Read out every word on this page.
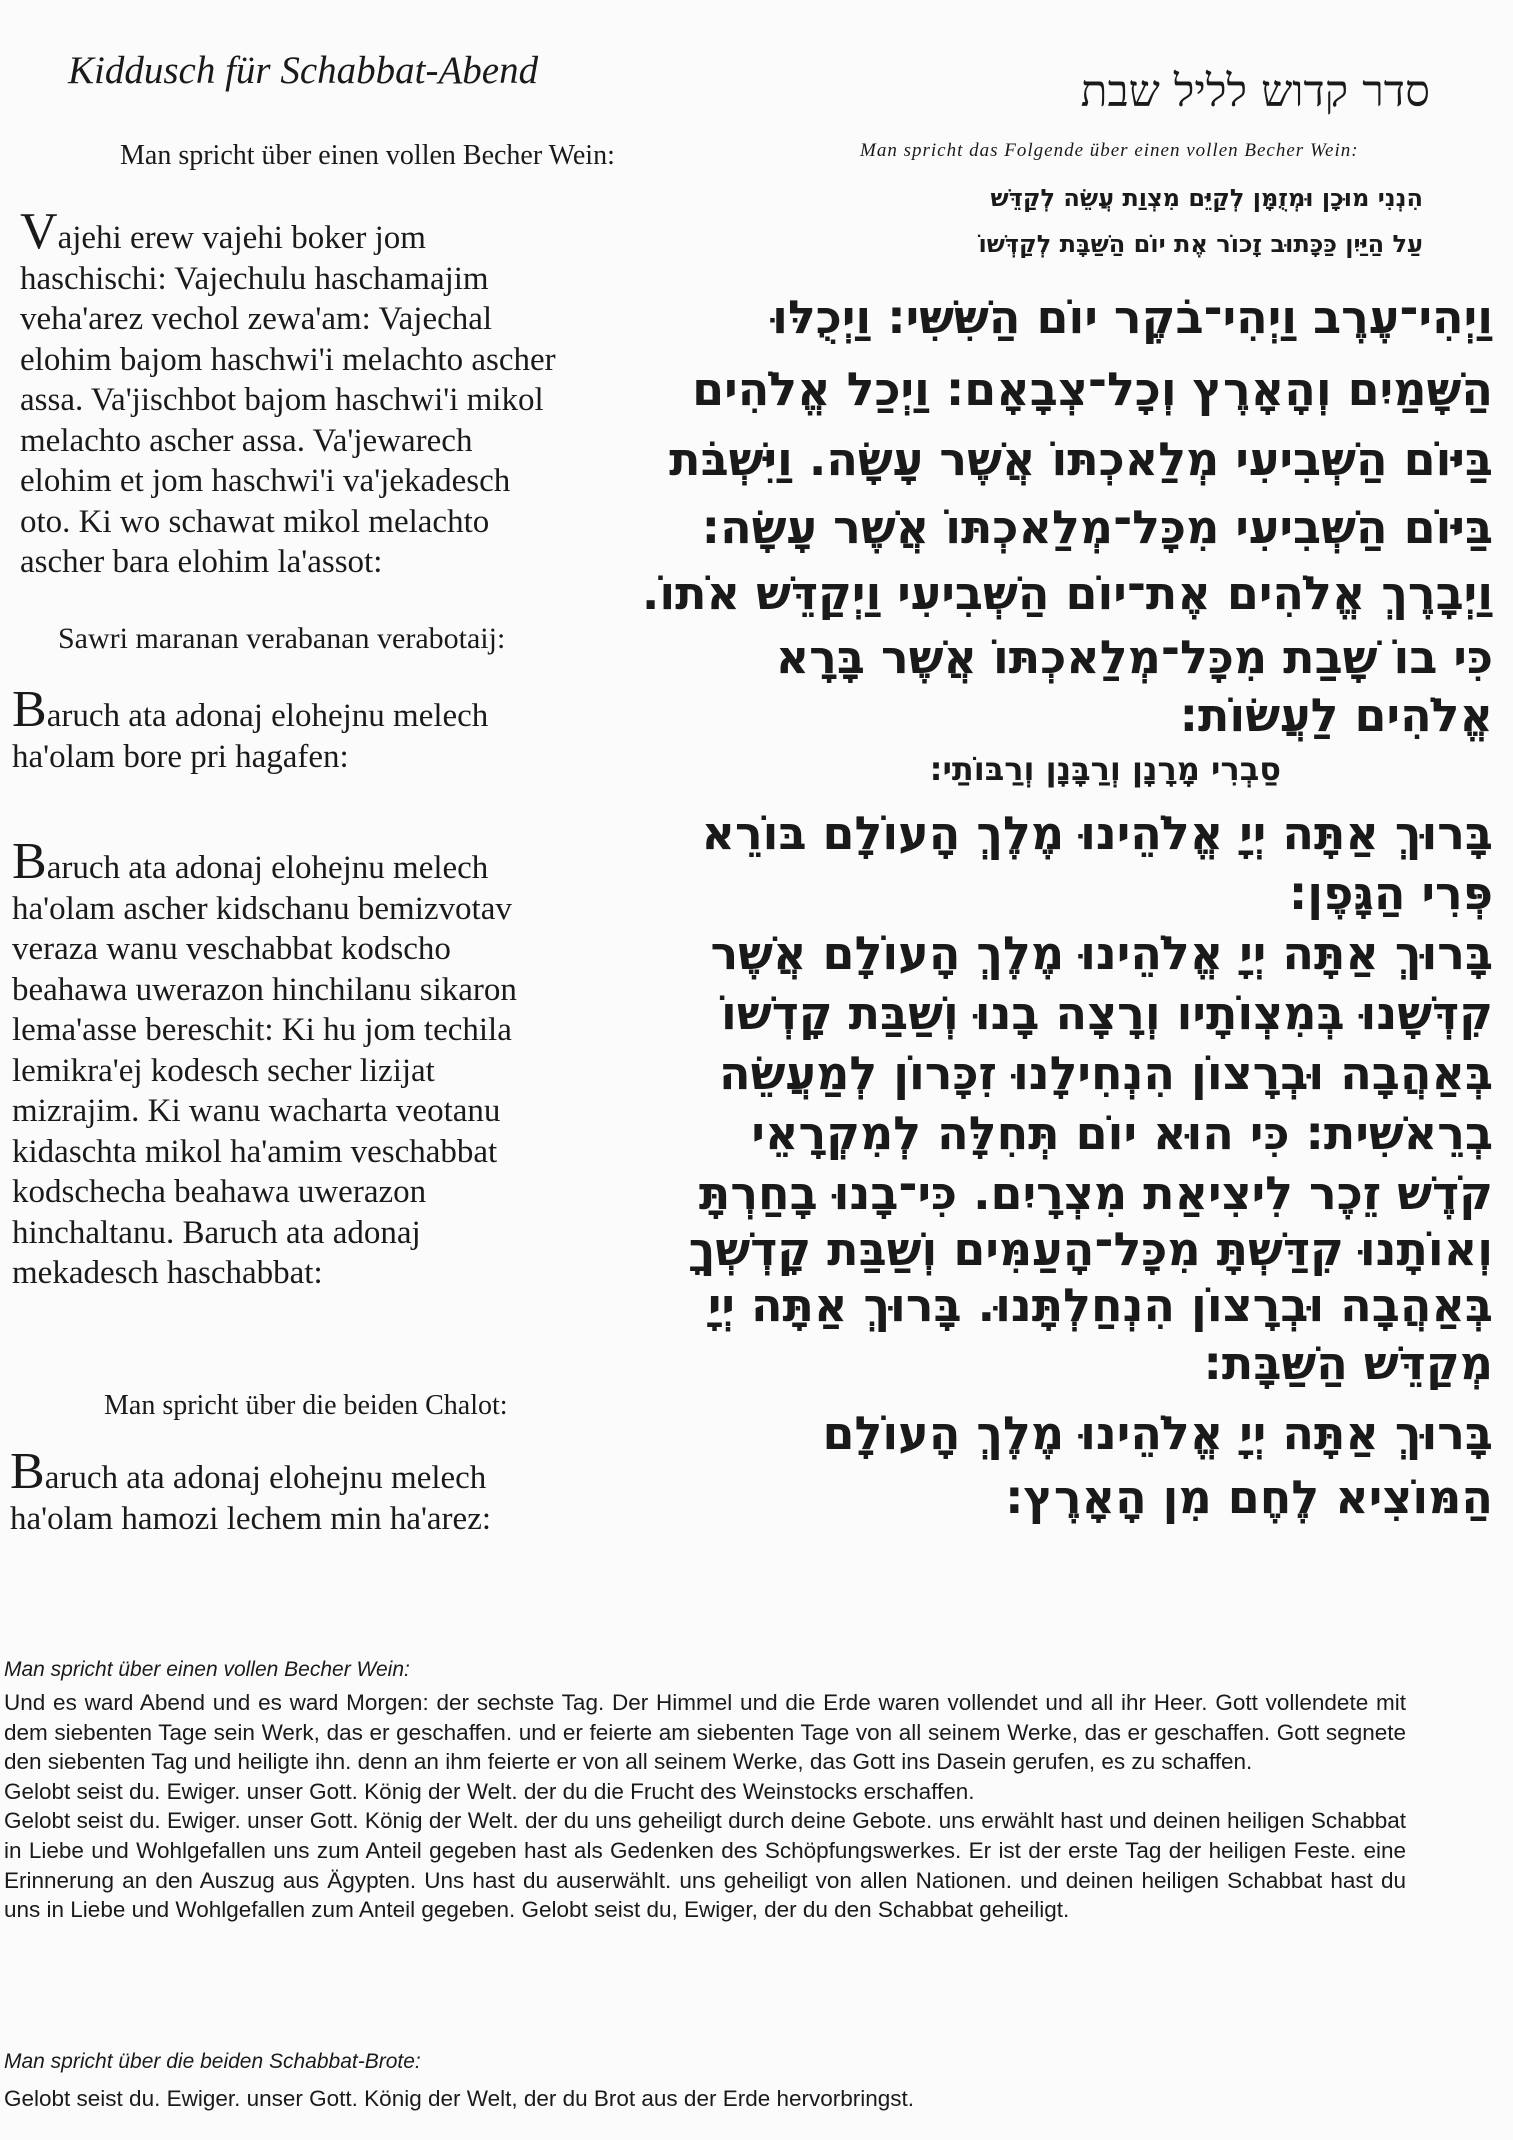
Kiddusch für Schabbat-Abend
Man spricht über einen vollen Becher Wein:

Vajehi erew vajehi boker jom

haschischi: Vajechulu haschamajim

veha'arez vechol zewa'am: Vajechal

elohim bajom haschwi'i melachto ascher

assa. Va'jischbot bajom haschwi'i mikol

melachto ascher assa. Va'jewarech

elohim et jom haschwi'i va'jekadesch

oto. Ki wo schawat mikol melachto

ascher bara elohim la'assot:

Sawri maranan verabanan verabotaij:

Baruch ata adonaj elohejnu melech

ha'olam bore pri hagafen:

Baruch ata adonaj elohejnu melech

ha'olam ascher kidschanu bemizvotav

veraza wanu veschabbat kodscho

beahawa uwerazon hinchilanu sikaron

lema'asse bereschit: Ki hu jom techila

lemikra'ej kodesch secher lizijat

mizrajim. Ki wanu wacharta veotanu

kidaschta mikol ha'amim veschabbat

kodschecha beahawa uwerazon

hinchaltanu. Baruch ata adonaj

mekadesch haschabbat:

Man spricht über die beiden Chalot:

Baruch ata adonaj elohejnu melech

ha'olam hamozi lechem min ha'arez:

סדר קדוש לליל שבת
Man spricht das Folgende über einen vollen Becher Wein:
הִנְנִי מוּכָן וּמְזֻמָּן לְקַיֵּם מִצְוַת עֲשֵׂה לְקַדֵּשׁ
עַל הַיַּיִן כַּכָּתוּב זָכוֹר אֶת יוֹם הַשַּׁבָּת לְקַדְּשׁוֹ
וַיְהִי־עֶרֶב וַיְהִי־בֹקֶר יוֹם הַשִּׁשִּׁי: וַיְכֻלּוּ
הַשָּׁמַיִם וְהָאָרֶץ וְכָל־צְבָאָם: וַיְכַל אֱלֹהִים
בַּיּוֹם הַשְּׁבִיעִי מְלַאכְתּוֹ אֲשֶׁר עָשָׂה. וַיִּשְׁבֹּת
בַּיּוֹם הַשְּׁבִיעִי מִכָּל־מְלַאכְתּוֹ אֲשֶׁר עָשָׂה:
וַיְבָרֶךְ אֱלֹהִים אֶת־יוֹם הַשְּׁבִיעִי וַיְקַדֵּשׁ אֹתוֹ.
כִּי בוֹ שָׁבַת מִכָּל־מְלַאכְתּוֹ אֲשֶׁר בָּרָא
אֱלֹהִים לַעֲשׂוֹת:
סַבְרִי מָרָנָן וְרַבָּנָן וְרַבּוֹתַי:
בָּרוּךְ אַתָּה יְיָ אֱלֹהֵינוּ מֶלֶךְ הָעוֹלָם בּוֹרֵא
פְּרִי הַגָּפֶן:
בָּרוּךְ אַתָּה יְיָ אֱלֹהֵינוּ מֶלֶךְ הָעוֹלָם אֲשֶׁר
קִדְּשָׁנוּ בְּמִצְוֹתָיו וְרָצָה בָנוּ וְשַׁבַּת קָדְשׁוֹ
בְּאַהֲבָה וּבְרָצוֹן הִנְחִילָנוּ זִכָּרוֹן לְמַעֲשֵׂה
בְרֵאשִׁית: כִּי הוּא יוֹם תְּחִלָּה לְמִקְרָאֵי
קֹדֶשׁ זֵכֶר לִיצִיאַת מִצְרָיִם. כִּי־בָנוּ בָחַרְתָּ
וְאוֹתָנוּ קִדַּשְׁתָּ מִכָּל־הָעַמִּים וְשַׁבַּת קָדְשְׁךָ
בְּאַהֲבָה וּבְרָצוֹן הִנְחַלְתָּנוּ. בָּרוּךְ אַתָּה יְיָ
מְקַדֵּשׁ הַשַּׁבָּת:
בָּרוּךְ אַתָּה יְיָ אֱלֹהֵינוּ מֶלֶךְ הָעוֹלָם
הַמּוֹצִיא לֶחֶם מִן הָאָרֶץ:
Man spricht über einen vollen Becher Wein:

Und es ward Abend und es ward Morgen: der sechste Tag. Der Himmel und die Erde waren vollendet und all ihr Heer. Gott vollendete mit dem siebenten Tage sein Werk, das er geschaffen. und er feierte am siebenten Tage von all seinem Werke, das er geschaffen. Gott segnete den siebenten Tag und heiligte ihn. denn an ihm feierte er von all seinem Werke, das Gott ins Dasein gerufen, es zu schaffen.

Gelobt seist du. Ewiger. unser Gott. König der Welt. der du die Frucht des Weinstocks erschaffen.

Gelobt seist du. Ewiger. unser Gott. König der Welt. der du uns geheiligt durch deine Gebote. uns erwählt hast und deinen heiligen Schabbat in Liebe und Wohlgefallen uns zum Anteil gegeben hast als Gedenken des Schöpfungswerkes. Er ist der erste Tag der heiligen Feste. eine Erinnerung an den Auszug aus Ägypten. Uns hast du auserwählt. uns geheiligt von allen Nationen. und deinen heiligen Schabbat hast du uns in Liebe und Wohlgefallen zum Anteil gegeben. Gelobt seist du, Ewiger, der du den Schabbat geheiligt.

Man spricht über die beiden Schabbat-Brote:
Gelobt seist du. Ewiger. unser Gott. König der Welt, der du Brot aus der Erde hervorbringst.
